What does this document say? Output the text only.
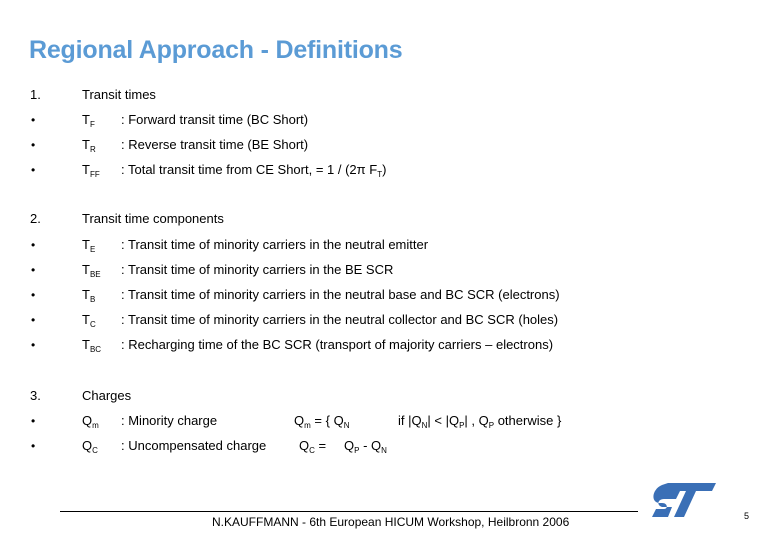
Regional Approach - Definitions
1.	Transit times
•	$T_F$ : Forward transit time (BC Short)
•	$T_R$ : Reverse transit time (BE Short)
•	$T_{FF}$ : Total transit time from CE Short, = 1 / (2π $F_T$)
2.	Transit time components
•	$T_E$ : Transit time of minority carriers in the neutral emitter
•	$T_{BE}$ : Transit time of minority carriers in the BE SCR
•	$T_B$ : Transit time of minority carriers in the neutral base and BC SCR (electrons)
•	$T_C$ : Transit time of minority carriers in the neutral collector and BC SCR (holes)
•	$T_{BC}$ : Recharging time of the BC SCR (transport of majority carriers – electrons)
3.	Charges
•	$Q_m$ : Minority charge	$Q_m$ = { $Q_N$	if $|Q_N| < |Q_P|$ , $Q_P$ otherwise }
•	$Q_C$ : Uncompensated charge	$Q_C = Q_P - Q_N$
N.KAUFFMANN - 6th European HICUM Workshop, Heilbronn 2006	5
